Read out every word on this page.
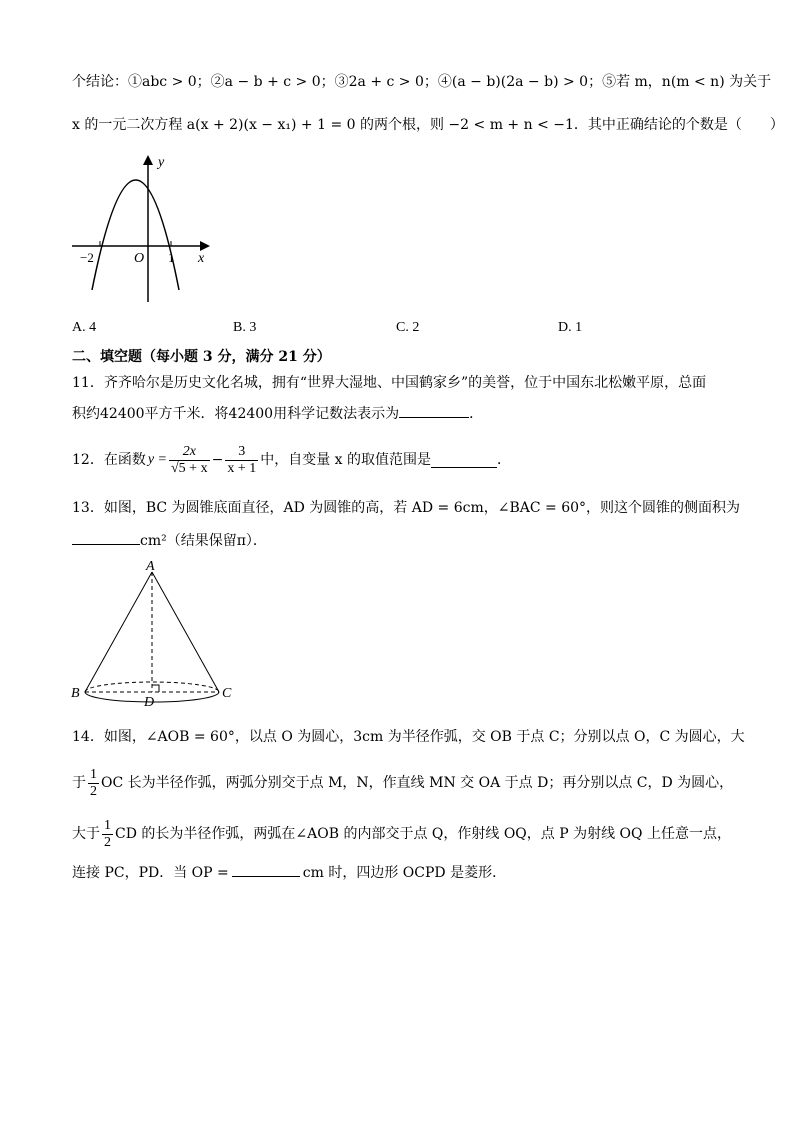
个结论：①abc > 0；②a − b + c > 0；③2a + c > 0；④(a − b)(2a − b) > 0；⑤若 m，n(m < n) 为关于
x 的一元二次方程 a(x + 2)(x − x₁) + 1 = 0 的两个根，则 −2 < m + n < −1．其中正确结论的个数是（　　）
y
x
O
−2	1
A. 4	B. 3	C. 2	D. 1
二、填空题（每小题 3 分，满分 21 分）
11．齐齐哈尔是历史文化名城，拥有“世界大湿地、中国鹤家乡”的美誉，位于中国东北松嫩平原，总面
积约42400平方千米．将42400用科学记数法表示为	．
12．在函数 $y = \frac{2x}{√5 + x} - \frac{3}{x + 1}$ 中，自变量 x 的取值范围是	．
13．如图，BC 为圆锥底面直径，AD 为圆锥的高，若 AD = 6cm，∠BAC = 60°，则这个圆锥的侧面积为
cm²（结果保留π）．
A
B	C
D
14．如图，∠AOB = 60°，以点 O 为圆心，3cm 为半径作弧，交 OB 于点 C；分别以点 O，C 为圆心，大
于 $\frac{1}{2}$ OC 长为半径作弧，两弧分别交于点 M，N，作直线 MN 交 OA 于点 D；再分别以点 C，D 为圆心，
大于 $\frac{1}{2}$ CD 的长为半径作弧，两弧在∠AOB 的内部交于点 Q，作射线 OQ，点 P 为射线 OQ 上任意一点，
连接 PC，PD．当 OP =	cm 时，四边形 OCPD 是菱形．
